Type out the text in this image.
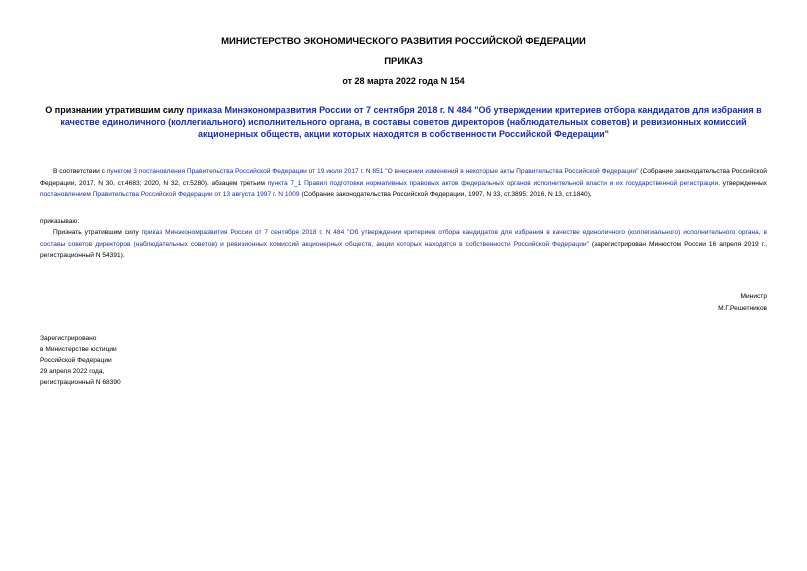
МИНИСТЕРСТВО ЭКОНОМИЧЕСКОГО РАЗВИТИЯ РОССИЙСКОЙ ФЕДЕРАЦИИ
ПРИКАЗ
от 28 марта 2022 года N 154
О признании утратившим силу приказа Минэкономразвития России от 7 сентября 2018 г. N 484 "Об утверждении критериев отбора кандидатов для избрания в качестве единоличного (коллегиального) исполнительного органа, в составы советов директоров (наблюдательных советов) и ревизионных комиссий акционерных обществ, акции которых находятся в собственности Российской Федерации"
В соответствии с пунктом 3 постановления Правительства Российской Федерации от 19 июля 2017 г. N 851 "О внесении изменений в некоторые акты Правительства Российской Федерации" (Собрание законодательства Российской Федерации, 2017, N 30, ст.4683; 2020, N 32, ст.5280), абзацем третьим пункта 7_1 Правил подготовки нормативных правовых актов федеральных органов исполнительной власти и их государственной регистрации, утвержденных постановлением Правительства Российской Федерации от 13 августа 1997 г. N 1009 (Собрание законодательства Российской Федерации, 1997, N 33, ст.3895; 2016, N 13, ст.1840),
приказываю:
Признать утратившим силу приказ Минэкономразвития России от 7 сентября 2018 г. N 484 "Об утверждении критериев отбора кандидатов для избрания в качестве единоличного (коллегиального) исполнительного органа, в составы советов директоров (наблюдательных советов) и ревизионных комиссий акционерных обществ, акции которых находятся в собственности Российской Федерации" (зарегистрирован Минюстом России 16 апреля 2019 г., регистрационный N 54391).
Министр
М.Г.Решетников
Зарегистрировано
в Министерстве юстиции
Российской Федерации
29 апреля 2022 года,
регистрационный N 68390
